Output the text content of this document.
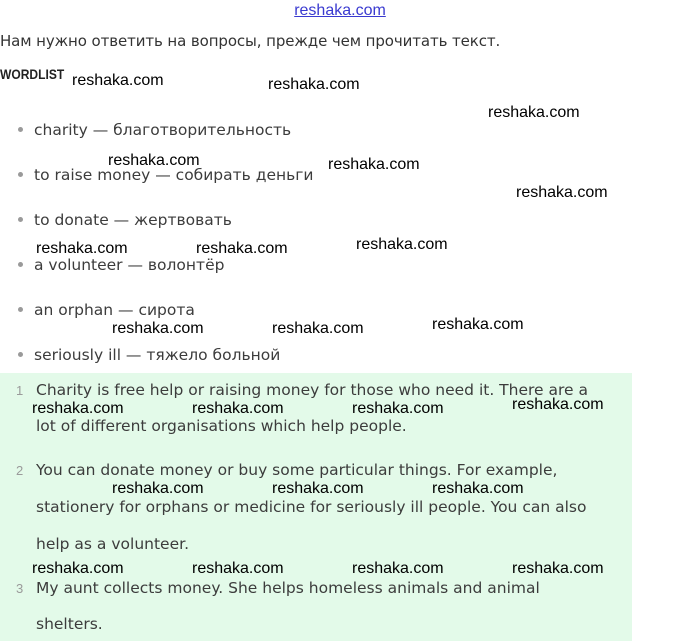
reshaka.com
Нам нужно ответить на вопросы, прежде чем прочитать текст.
WORDLIST
charity — благотворительность
to raise money — собирать деньги
to donate — жертвовать
a volunteer — волонтёр
an orphan — сирота
seriously ill — тяжело больной
1 Charity is free help or raising money for those who need it. There are a
lot of different organisations which help people.
2 You can donate money or buy some particular things. For example,
stationery for orphans or medicine for seriously ill people. You can also
help as a volunteer.
3 My aunt collects money. She helps homeless animals and animal
shelters.
reshaka.com	reshaka.com
reshaka.com
reshaka.com	reshaka.com
reshaka.com
reshaka.com	reshaka.com	reshaka.com
reshaka.com	reshaka.com	reshaka.com
reshaka.com	reshaka.com	reshaka.com	reshaka.com
reshaka.com	reshaka.com	reshaka.com
reshaka.com	reshaka.com	reshaka.com	reshaka.com
